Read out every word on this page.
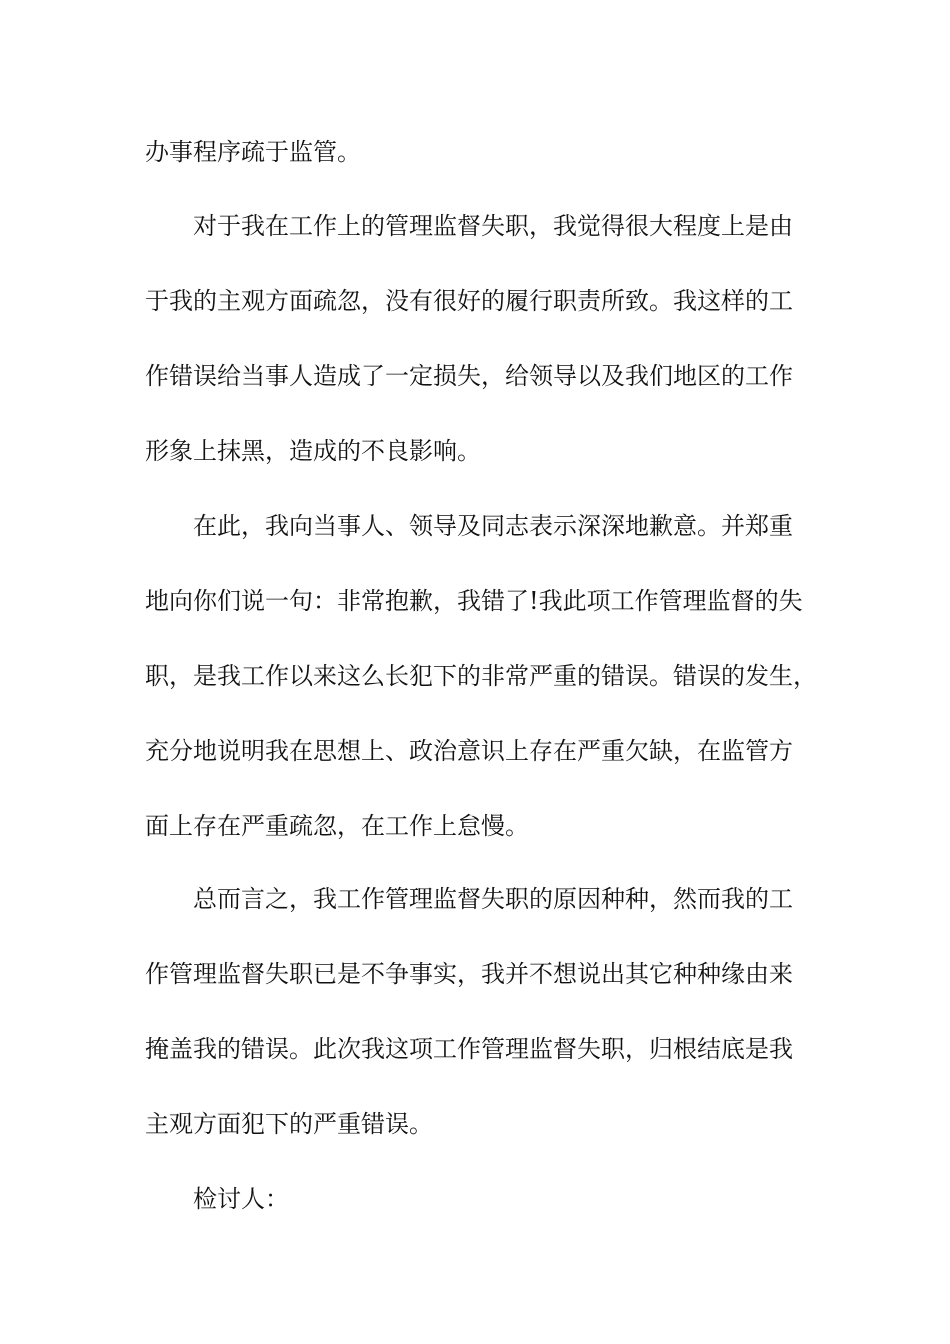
办事程序疏于监管。
对于我在工作上的管理监督失职，我觉得很大程度上是由
于我的主观方面疏忽，没有很好的履行职责所致。我这样的工
作错误给当事人造成了一定损失，给领导以及我们地区的工作
形象上抹黑，造成的不良影响。
在此，我向当事人、领导及同志表示深深地歉意。并郑重
地向你们说一句：非常抱歉，我错了!我此项工作管理监督的失
职，是我工作以来这么长犯下的非常严重的错误。错误的发生，
充分地说明我在思想上、政治意识上存在严重欠缺，在监管方
面上存在严重疏忽，在工作上怠慢。
总而言之，我工作管理监督失职的原因种种，然而我的工
作管理监督失职已是不争事实，我并不想说出其它种种缘由来
掩盖我的错误。此次我这项工作管理监督失职，归根结底是我
主观方面犯下的严重错误。
检讨人：
